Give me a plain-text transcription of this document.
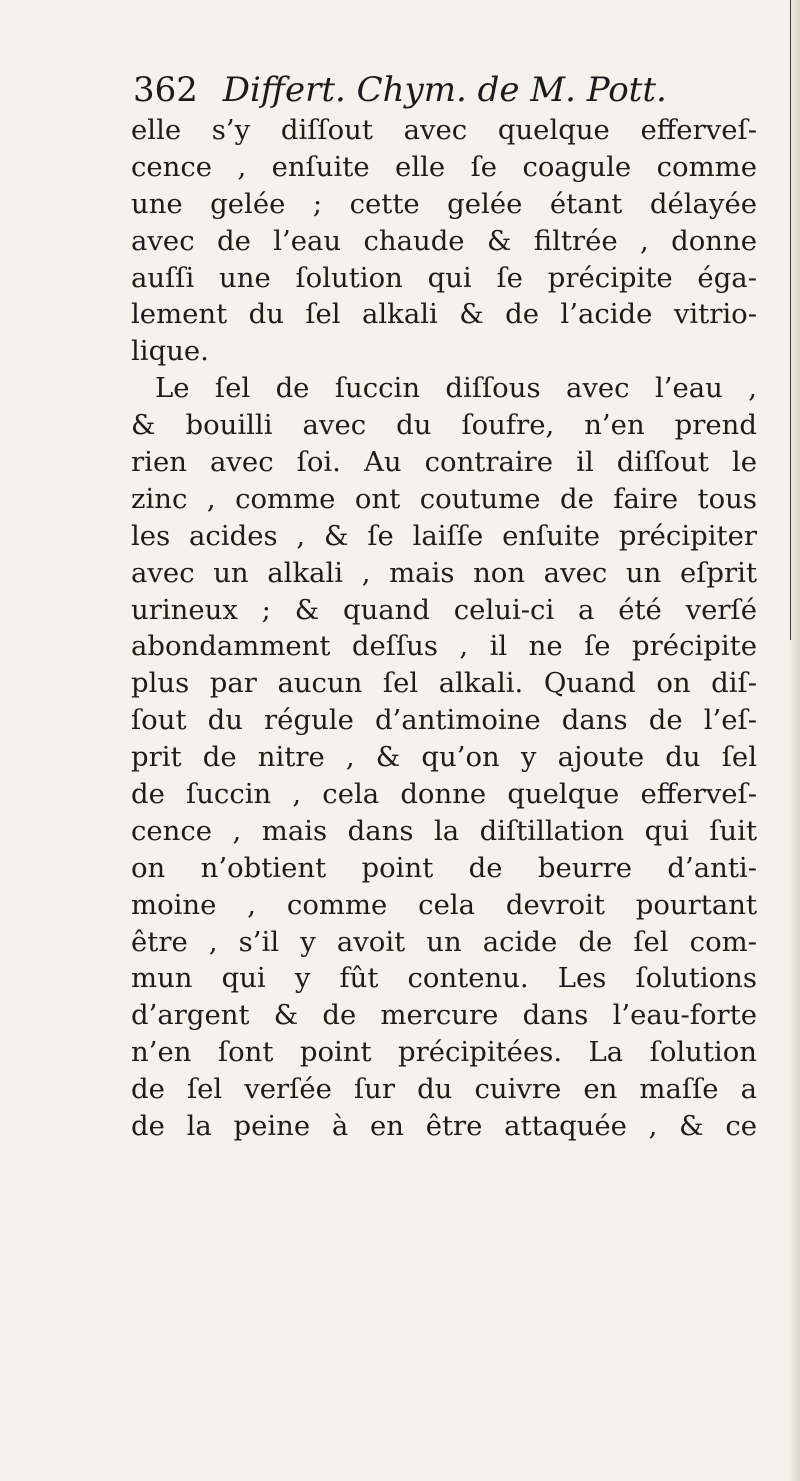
362 Differt. Chym. de M. Pott.
elle s’y diſſout avec quelque efferveſ-
cence , enſuite elle ſe coagule comme
une gelée ; cette gelée étant délayée
avec de l’eau chaude & filtrée , donne
auſſi une ſolution qui ſe précipite éga-
lement du ſel alkali & de l’acide vitrio-
lique.
Le ſel de ſuccin diſſous avec l’eau ,
& bouilli avec du ſoufre, n’en prend
rien avec ſoi. Au contraire il diſſout le
zinc , comme ont coutume de faire tous
les acides , & ſe laiſſe enſuite précipiter
avec un alkali , mais non avec un eſprit
urineux ; & quand celui-ci a été verſé
abondamment deſſus , il ne ſe précipite
plus par aucun ſel alkali. Quand on diſ-
ſout du régule d’antimoine dans de l’eſ-
prit de nitre , & qu’on y ajoute du ſel
de ſuccin , cela donne quelque efferveſ-
cence , mais dans la diſtillation qui ſuit
on n’obtient point de beurre d’anti-
moine , comme cela devroit pourtant
être , s’il y avoit un acide de ſel com-
mun qui y fût contenu. Les ſolutions
d’argent & de mercure dans l’eau-forte
n’en ſont point précipitées. La ſolution
de ſel verſée ſur du cuivre en maſſe a
de la peine à en être attaquée , & ce
